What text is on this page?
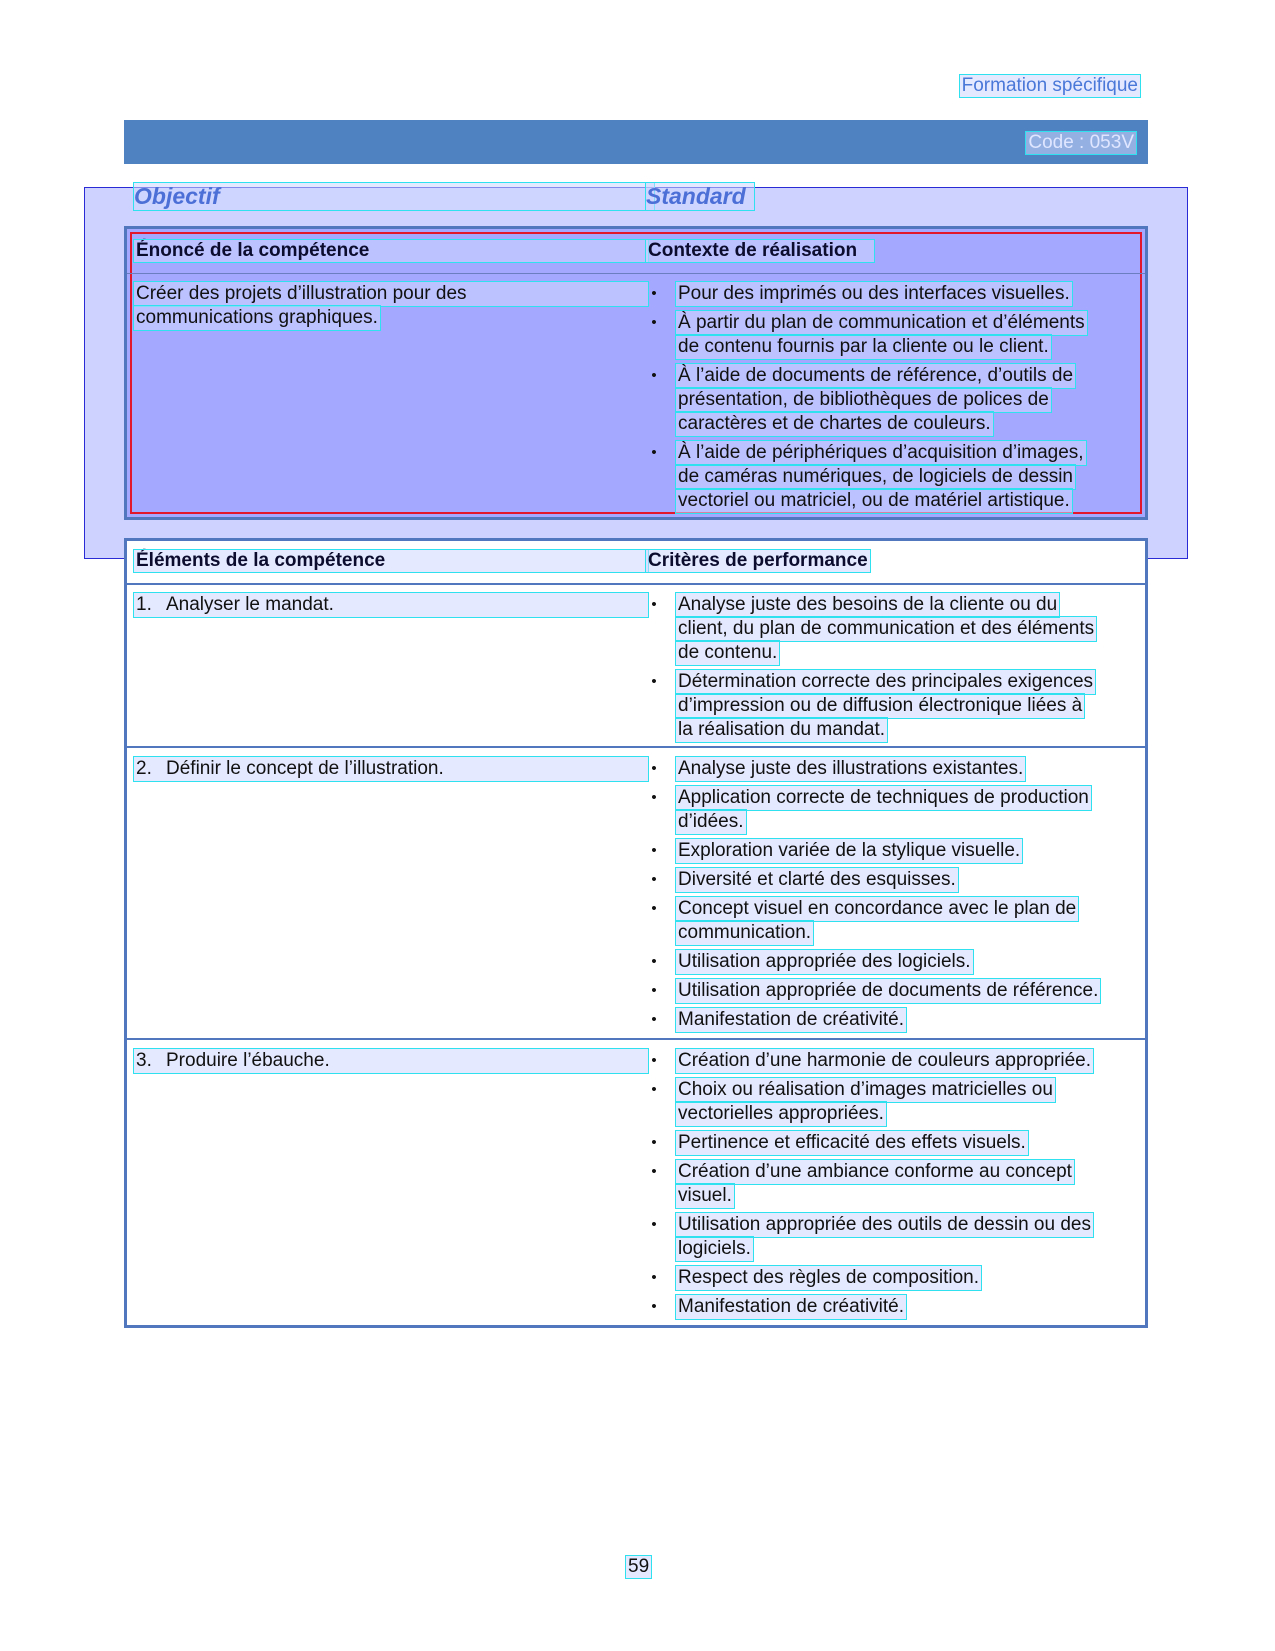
Formation spécifique
Code : 053V
Objectif	Standard
Énoncé de la compétence	Contexte de réalisation
Créer des projets d’illustration pour des
communications graphiques.
• Pour des imprimés ou des interfaces visuelles.
• À partir du plan de communication et d’éléments
de contenu fournis par la cliente ou le client.
• À l’aide de documents de référence, d’outils de
présentation, de bibliothèques de polices de
caractères et de chartes de couleurs.
• À l’aide de périphériques d’acquisition d’images,
de caméras numériques, de logiciels de dessin
vectoriel ou matriciel, ou de matériel artistique.
Éléments de la compétence	Critères de performance
1. Analyser le mandat.	• Analyse juste des besoins de la cliente ou du
client, du plan de communication et des éléments
de contenu.
• Détermination correcte des principales exigences
d’impression ou de diffusion électronique liées à
la réalisation du mandat.
2. Définir le concept de l’illustration.	• Analyse juste des illustrations existantes.
• Application correcte de techniques de production
d’idées.
• Exploration variée de la stylique visuelle.
• Diversité et clarté des esquisses.
• Concept visuel en concordance avec le plan de
communication.
• Utilisation appropriée des logiciels.
• Utilisation appropriée de documents de référence.
• Manifestation de créativité.
3. Produire l’ébauche.	• Création d’une harmonie de couleurs appropriée.
• Choix ou réalisation d’images matricielles ou
vectorielles appropriées.
• Pertinence et efficacité des effets visuels.
• Création d’une ambiance conforme au concept
visuel.
• Utilisation appropriée des outils de dessin ou des
logiciels.
• Respect des règles de composition.
• Manifestation de créativité.
59
